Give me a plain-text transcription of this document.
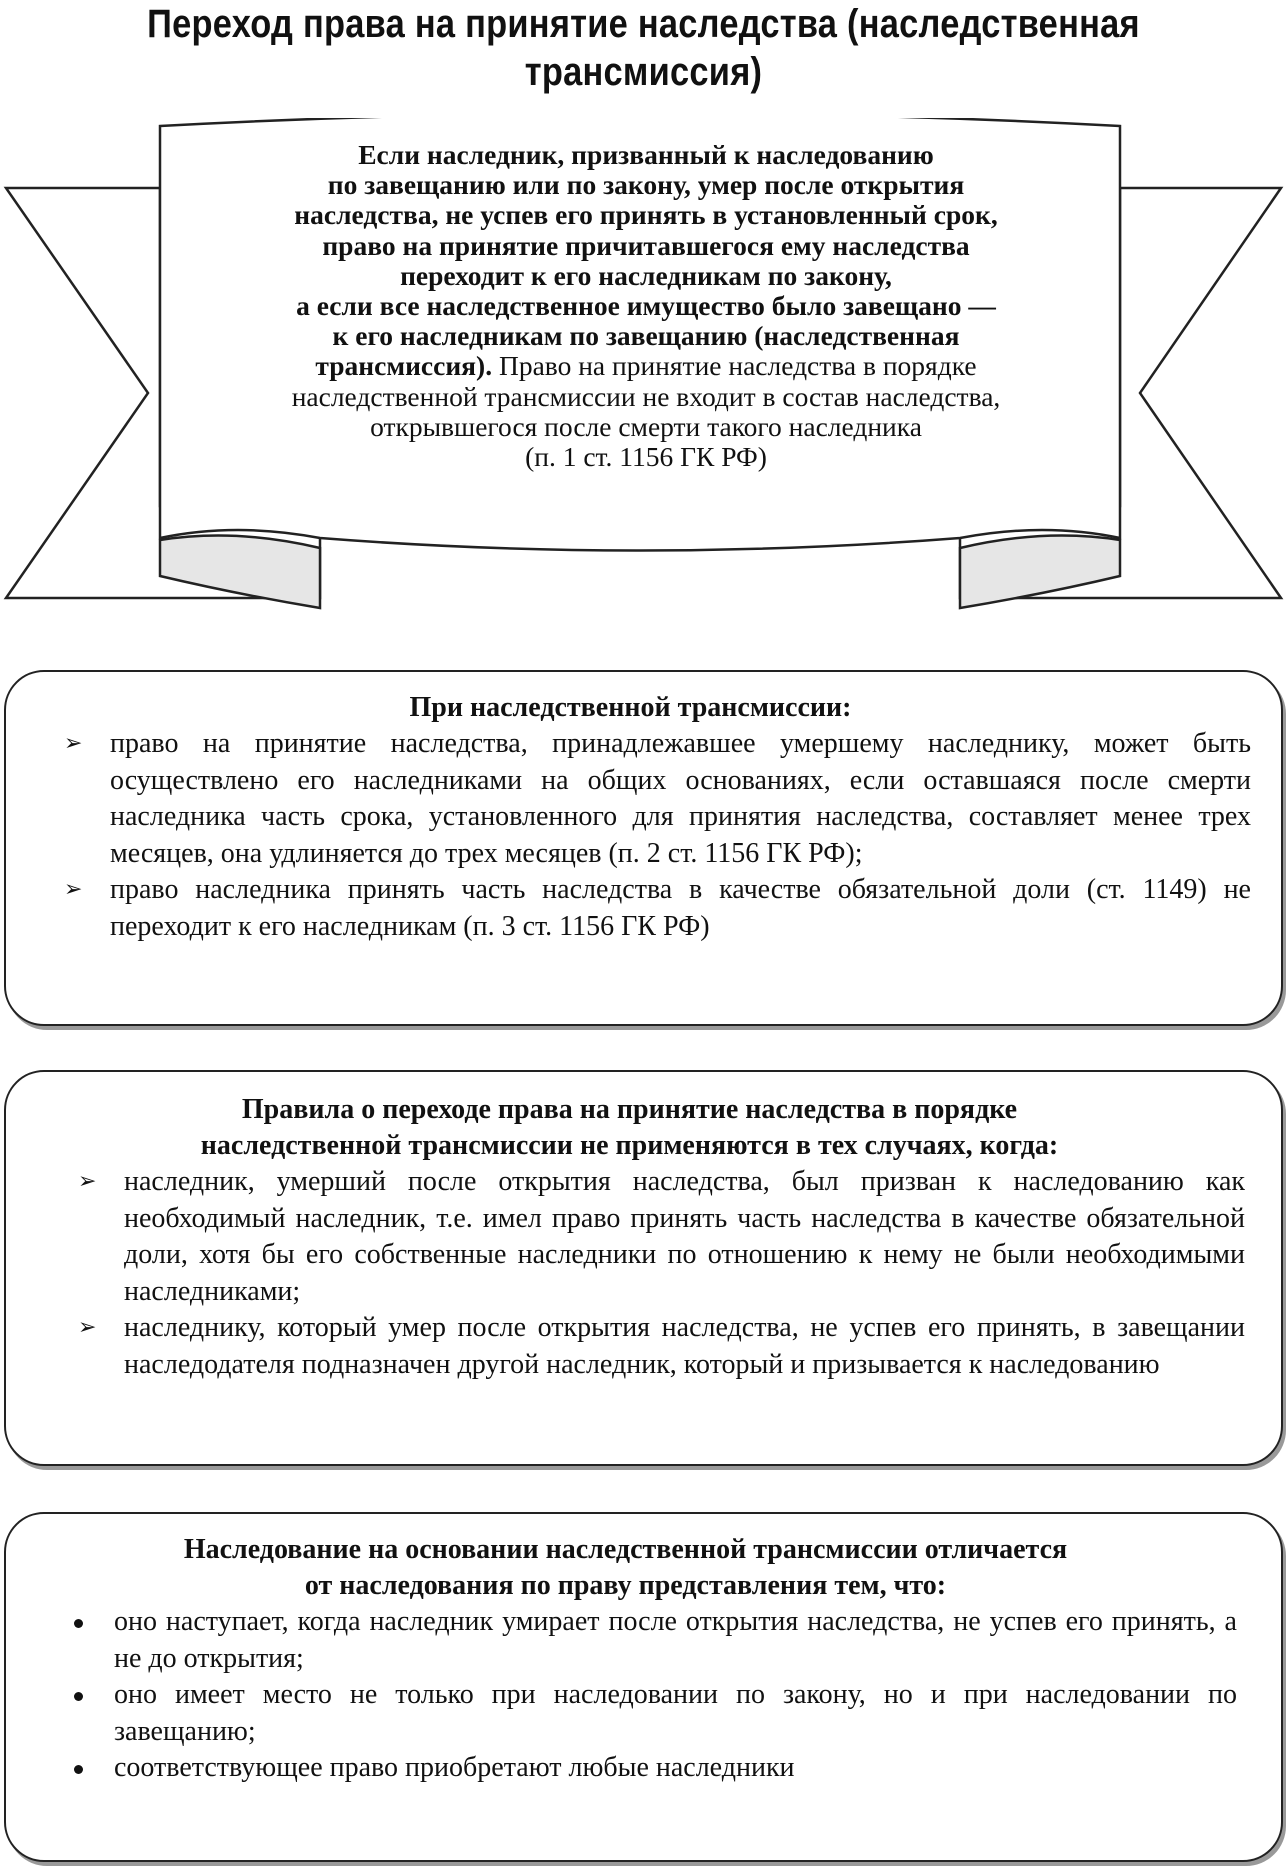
Переход права на принятие наследства (наследственная
трансмиссия)
Если наследник, призванный к наследованию
по завещанию или по закону, умер после открытия
наследства, не успев его принять в установленный срок,
право на принятие причитавшегося ему наследства
переходит к его наследникам по закону,
а если все наследственное имущество было завещано —
к его наследникам по завещанию (наследственная
трансмиссия). Право на принятие наследства в порядке
наследственной трансмиссии не входит в состав наследства,
открывшегося после смерти такого наследника
(п. 1 ст. 1156 ГК РФ)
При наследственной трансмиссии:
➢ право на принятие наследства, принадлежавшее умершему наследнику, может быть осуществлено его наследниками на общих основаниях, если оставшаяся после смерти наследника часть срока, установленного для принятия наследства, составляет менее трех месяцев, она удлиняется до трех месяцев (п. 2 ст. 1156 ГК РФ);
➢ право наследника принять часть наследства в качестве обязательной доли (ст. 1149) не переходит к его наследникам (п. 3 ст. 1156 ГК РФ)
Правила о переходе права на принятие наследства в порядке
наследственной трансмиссии не применяются в тех случаях, когда:
➢ наследник, умерший после открытия наследства, был призван к наследованию как необходимый наследник, т.е. имел право принять часть наследства в качестве обязательной доли, хотя бы его собственные наследники по отношению к нему не были необходимыми наследниками;
➢ наследнику, который умер после открытия наследства, не успев его принять, в завещании наследодателя подназначен другой наследник, который и призывается к наследованию
Наследование на основании наследственной трансмиссии отличается
от наследования по праву представления тем, что:
оно наступает, когда наследник умирает после открытия наследства, не успев его принять, а не до открытия;
оно имеет место не только при наследовании по закону, но и при наследовании по завещанию;
соответствующее право приобретают любые наследники
